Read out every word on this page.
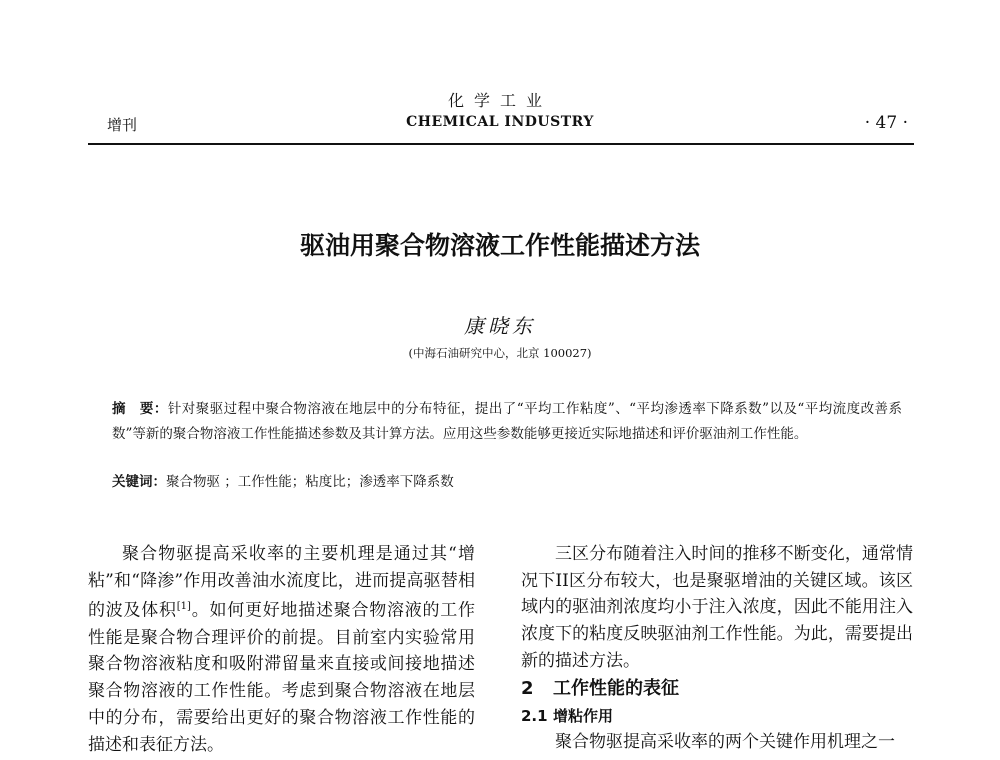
化学工业
增刊	CHEMICAL INDUSTRY	· 47 ·
驱油用聚合物溶液工作性能描述方法
康晓东
(中海石油研究中心，北京 100027)
摘　要：针对聚驱过程中聚合物溶液在地层中的分布特征，提出了“平均工作粘度”、“平均渗透率下降系数”以及“平均流度改善系数”等新的聚合物溶液工作性能描述参数及其计算方法。应用这些参数能够更接近实际地描述和评价驱油剂工作性能。
关键词：聚合物驱 ；工作性能；粘度比；渗透率下降系数

聚合物驱提高采收率的主要机理是通过其“增粘”和“降渗”作用改善油水流度比，进而提高驱替相的波及体积[1]。如何更好地描述聚合物溶液的工作性能是聚合物合理评价的前提。目前室内实验常用聚合物溶液粘度和吸附滞留量来直接或间接地描述聚合物溶液的工作性能。考虑到聚合物溶液在地层中的分布，需要给出更好的聚合物溶液工作性能的描述和表征方法。

三区分布随着注入时间的推移不断变化，通常情况下II区分布较大，也是聚驱增油的关键区域。该区域内的驱油剂浓度均小于注入浓度，因此不能用注入浓度下的粘度反映驱油剂工作性能。为此，需要提出新的描述方法。

2 工作性能的表征
2.1 增粘作用

聚合物驱提高采收率的两个关键作用机理之一
